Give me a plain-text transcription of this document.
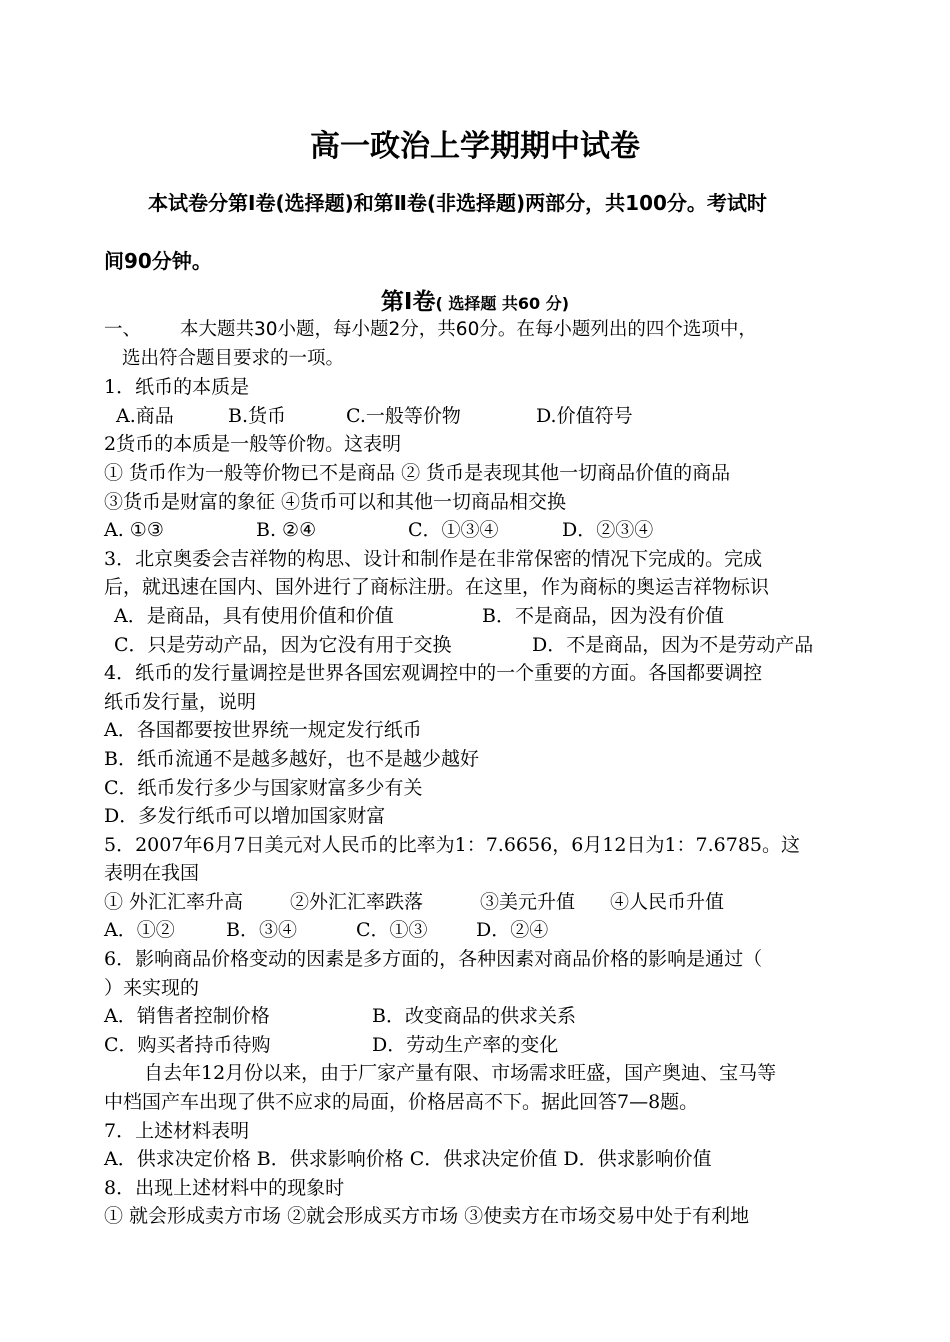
高一政治上学期期中试卷
本试卷分第Ⅰ卷(选择题)和第Ⅱ卷(非选择题)两部分，共100分。考试时
间90分钟。
第Ⅰ卷( 选择题 共60 分)
一、 本大题共30小题，每小题2分，共60分。在每小题列出的四个选项中，
选出符合题目要求的一项。
1．纸币的本质是
A.商品	B.货币	C.一般等价物	D.价值符号
2货币的本质是一般等价物。这表明
① 货币作为一般等价物已不是商品 ② 货币是表现其他一切商品价值的商品
③货币是财富的象征 ④货币可以和其他一切商品相交换
A. ①③	B. ②④	C．①③④	D．②③④
3．北京奥委会吉祥物的构思、设计和制作是在非常保密的情况下完成的。完成
后，就迅速在国内、国外进行了商标注册。在这里，作为商标的奥运吉祥物标识
A．是商品，具有使用价值和价值	B．不是商品，因为没有价值
C．只是劳动产品，因为它没有用于交换	D．不是商品，因为不是劳动产品
4．纸币的发行量调控是世界各国宏观调控中的一个重要的方面。各国都要调控
纸币发行量，说明
A．各国都要按世界统一规定发行纸币
B．纸币流通不是越多越好，也不是越少越好
C．纸币发行多少与国家财富多少有关
D．多发行纸币可以增加国家财富
5．2007年6月7日美元对人民币的比率为1：7.6656，6月12日为1：7.6785。这
表明在我国
① 外汇汇率升高 ②外汇汇率跌落	③美元升值 ④人民币升值
A．①②	B．③④	C．①③	D．②④
6．影响商品价格变动的因素是多方面的，各种因素对商品价格的影响是通过（
）来实现的
A．销售者控制价格	B．改变商品的供求关系
C．购买者持币待购	D．劳动生产率的变化
自去年12月份以来，由于厂家产量有限、市场需求旺盛，国产奥迪、宝马等
中档国产车出现了供不应求的局面，价格居高不下。据此回答7—8题。
7．上述材料表明
A．供求决定价格 B．供求影响价格 C．供求决定价值 D．供求影响价值
8．出现上述材料中的现象时
① 就会形成卖方市场 ②就会形成买方市场 ③使卖方在市场交易中处于有利地
